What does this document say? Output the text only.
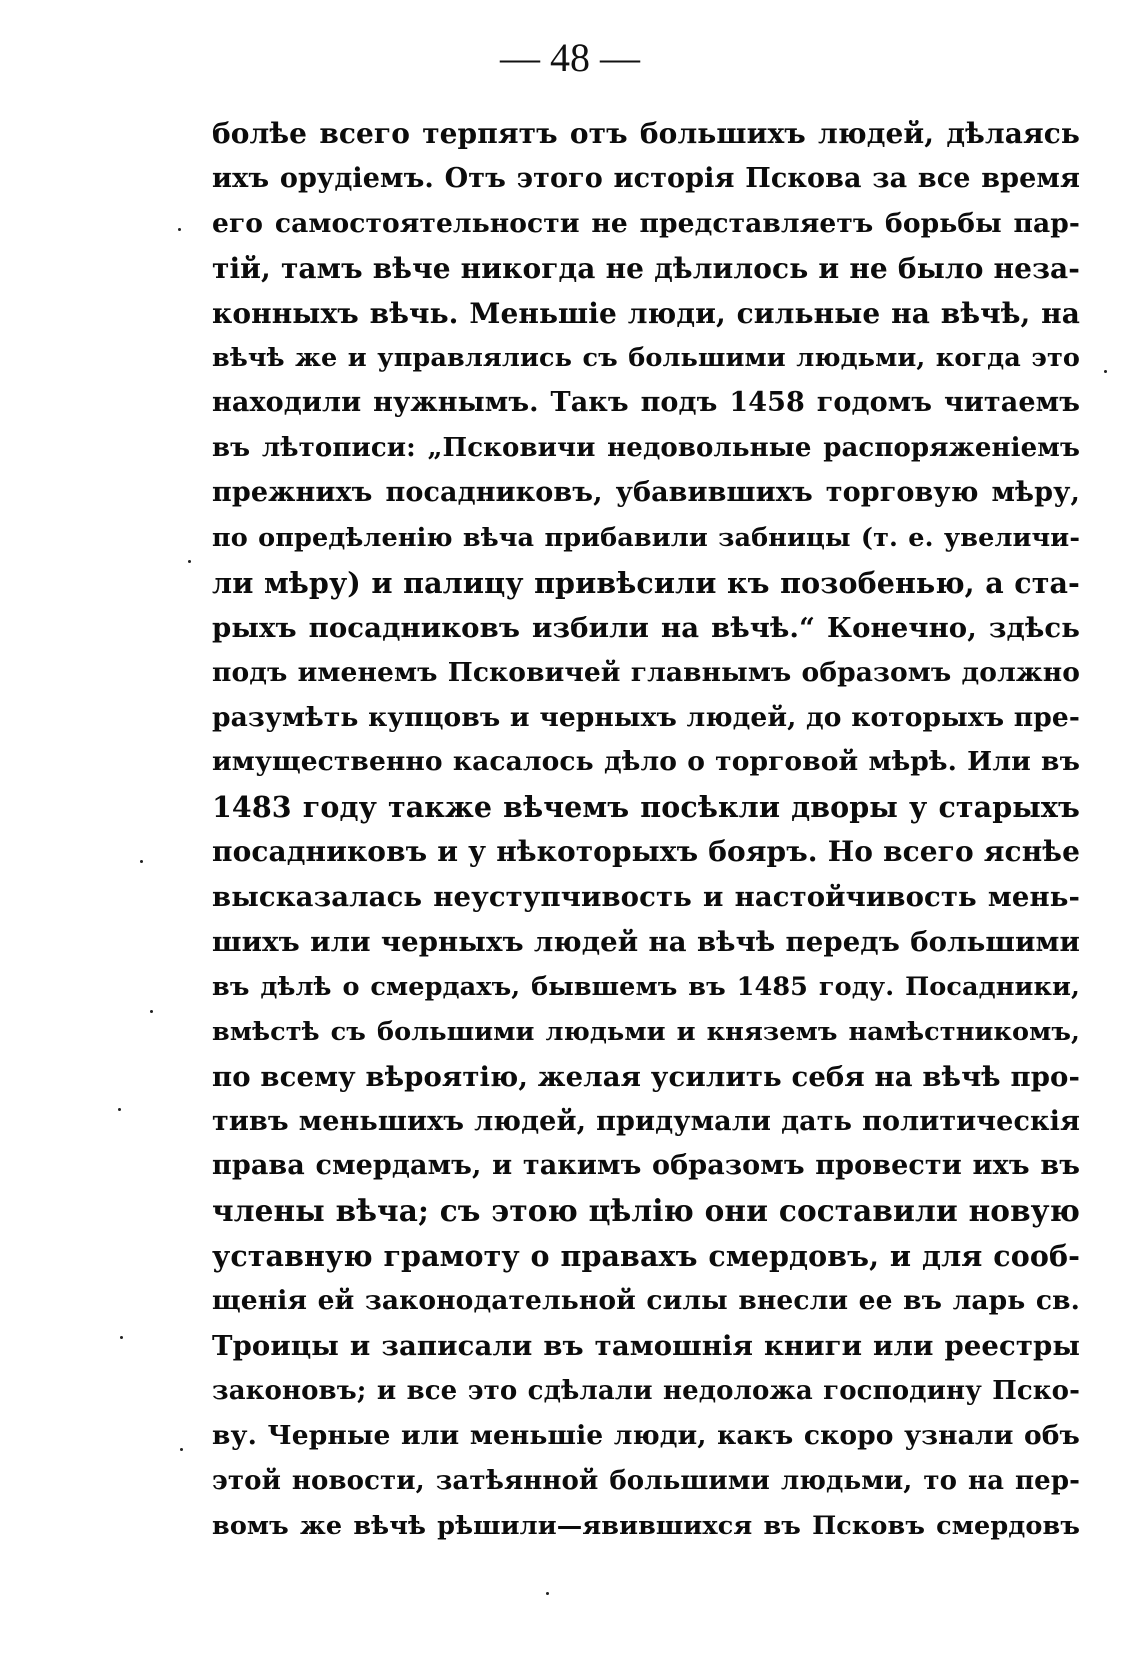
— 48 —
болѣе всего терпятъ отъ большихъ людей, дѣлаясь
ихъ орудіемъ. Отъ этого исторія Пскова за все время
его самостоятельности не представляетъ борьбы пар-
тій, тамъ вѣче никогда не дѣлилось и не было неза-
конныхъ вѣчь. Меньшіе люди, сильные на вѣчѣ, на
вѣчѣ же и управлялись съ большими людьми, когда это
находили нужнымъ. Такъ подъ 1458 годомъ читаемъ
въ лѣтописи: „Псковичи недовольные распоряженіемъ
прежнихъ посадниковъ, убавившихъ торговую мѣру,
по опредѣленію вѣча прибавили забницы (т. е. увеличи-
ли мѣру) и палицу привѣсили къ позобенью, а ста-
рыхъ посадниковъ избили на вѣчѣ.“ Конечно, здѣсь
подъ именемъ Псковичей главнымъ образомъ должно
разумѣть купцовъ и черныхъ людей, до которыхъ пре-
имущественно касалось дѣло о торговой мѣрѣ. Или въ
1483 году также вѣчемъ посѣкли дворы у старыхъ
посадниковъ и у нѣкоторыхъ бояръ. Но всего яснѣе
высказалась неуступчивость и настойчивость мень-
шихъ или черныхъ людей на вѣчѣ передъ большими
въ дѣлѣ о смердахъ, бывшемъ въ 1485 году. Посадники,
вмѣстѣ съ большими людьми и княземъ намѣстникомъ,
по всему вѣроятію, желая усилить себя на вѣчѣ про-
тивъ меньшихъ людей, придумали дать политическія
права смердамъ, и такимъ образомъ провести ихъ въ
члены вѣча; съ этою цѣлію они составили новую
уставную грамоту о правахъ смердовъ, и для сооб-
щенія ей законодательной силы внесли ее въ ларь св.
Троицы и записали въ тамошнія книги или реестры
законовъ; и все это сдѣлали недоложа господину Пско-
ву. Черные или меньшіе люди, какъ скоро узнали объ
этой новости, затѣянной большими людьми, то на пер-
вомъ же вѣчѣ рѣшили—явившихся въ Псковъ смердовъ
